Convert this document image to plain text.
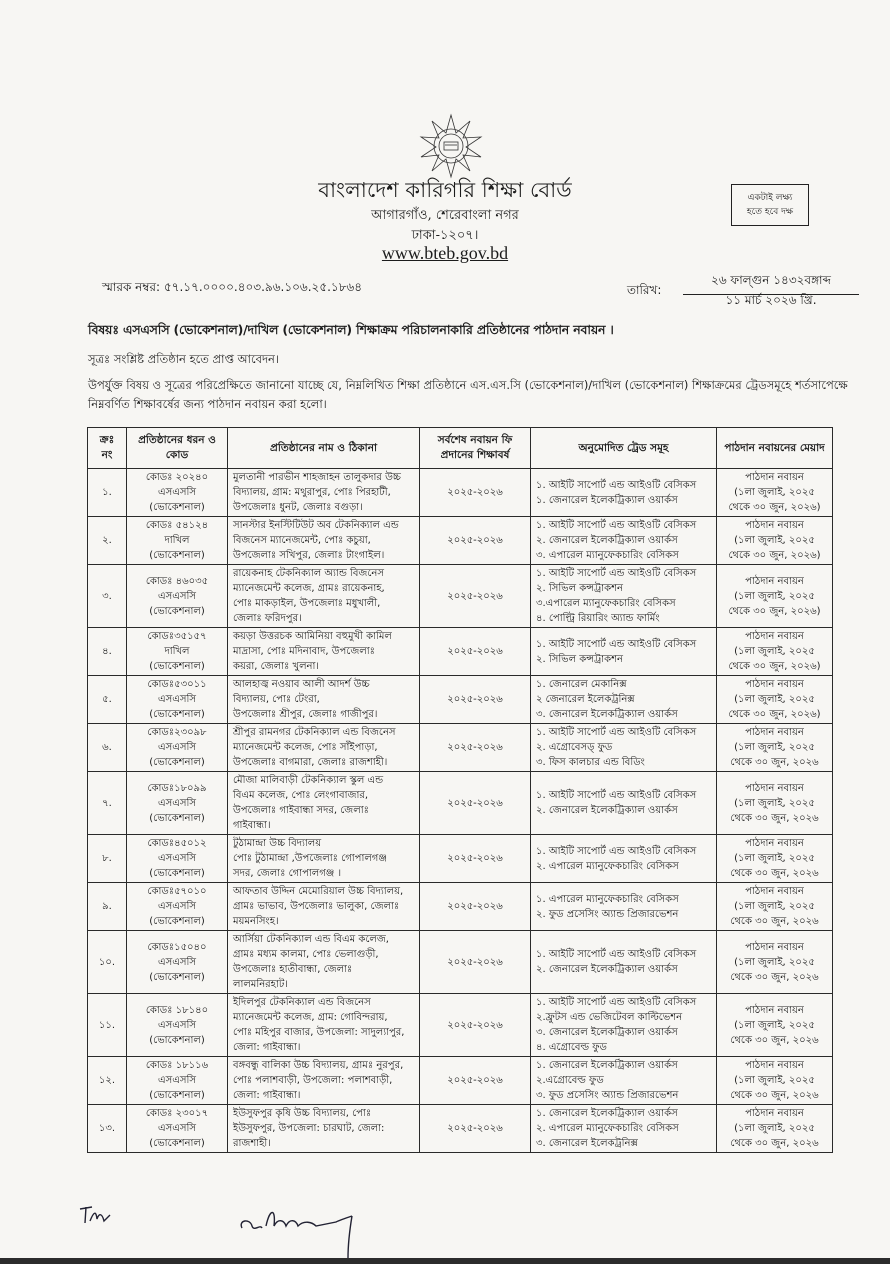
বাংলাদেশ কারিগরি শিক্ষা বোর্ড
আগারগাঁও, শেরেবাংলা নগর
ঢাকা-১২০৭।
www.bteb.gov.bd
একটাই লক্ষ্য
হতে হবে দক্ষ
স্মারক নম্বর: ৫৭.১৭.০০০০.৪০৩.৯৬.১০৬.২৫.১৮৬৪	তারিখ:
২৬ ফাল্গুন ১৪৩২বঙ্গাব্দ
১১ মার্চ ২০২৬ খ্রি.
বিষয়ঃ এসএসসি (ভোকেশনাল)/দাখিল (ভোকেশনাল) শিক্ষাক্রম পরিচালনাকারি প্রতিষ্ঠানের পাঠদান নবায়ন ।
সূত্রঃ সংশ্লিষ্ট প্রতিষ্ঠান হতে প্রাপ্ত আবেদন।
উপর্যুক্ত বিষয় ও সূত্রের পরিপ্রেক্ষিতে জানানো যাচ্ছে যে, নিম্নলিখিত শিক্ষা প্রতিষ্ঠানে এস.এস.সি (ভোকেশনাল)/দাখিল (ভোকেশনাল) শিক্ষাক্রমের ট্রেডসমূহে শর্তসাপেক্ষে নিম্নবর্ণিত শিক্ষাবর্ষের জন্য পাঠদান নবায়ন করা হলো।
ক্রঃ নং	প্রতিষ্ঠানের ধরন ও কোড	প্রতিষ্ঠানের নাম ও ঠিকানা	সর্বশেষ নবায়ন ফি প্রদানের শিক্ষাবর্ষ	অনুমোদিত ট্রেড সমূহ	পাঠদান নবায়নের মেয়াদ
১.	কোডঃ ২০২৪০
এসএসসি
(ভোকেশনাল)	মুলতানী পারভীন শাহজাহন তালুকদার উচ্চ
বিদ্যালয়, গ্রাম: মথুরাপুর, পোঃ পিরহাটী,
উপজেলাঃ ধুনট, জেলাঃ বগুড়া।	২০২৫-২০২৬	১. আইটি সাপোর্ট এন্ড আইওটি বেসিকস
১. জেনারেল ইলেকট্রিক্যাল ওয়ার্কস	পাঠদান নবায়ন
(১লা জুলাই, ২০২৫
থেকে ৩০ জুন, ২০২৬)

২.	কোডঃ ৫৪১২৪
দাখিল
(ভোকেশনাল)	সানস্টার ইনস্টিটিউট অব টেকনিক্যাল এন্ড
বিজনেস ম্যানেজমেন্ট, পোঃ কচুয়া,
উপজেলাঃ সখিপুর, জেলাঃ টাংগাইল।	২০২৫-২০২৬	১. আইটি সাপোর্ট এন্ড আইওটি বেসিকস
২. জেনারেল ইলেকট্রিক্যাল ওয়ার্কস
৩. এপারেল ম্যানুফেকচারিং বেসিকস	পাঠদান নবায়ন
(১লা জুলাই, ২০২৫
থেকে ৩০ জুন, ২০২৬)

৩.	কোডঃ ৪৬০৩৫
এসএসসি
(ভোকেশনাল)	রায়েকনাহ টেকনিক্যাল অ্যান্ড বিজনেস
ম্যানেজমেন্ট কলেজ, গ্রামঃ রায়েকনাহ,
পোঃ মাকড়াইল, উপজেলাঃ মধুখালী,
জেলাঃ ফরিদপুর।	২০২৫-২০২৬	১. আইটি সাপোর্ট এন্ড আইওটি বেসিকস
২. সিভিল কন্সট্রাকশন
৩.এপারেল ম্যানুফেকচারিং বেসিকস
৪. পোল্ট্রি রিয়ারিং অ্যান্ড ফার্মিং	পাঠদান নবায়ন
(১লা জুলাই, ২০২৫
থেকে ৩০ জুন, ২০২৬)

৪.	কোডঃ৩৫১৫৭
দাখিল
(ভোকেশনাল)	কয়ড়া উত্তরচক আমিনিয়া বহুমুখী কামিল
মাদ্রাসা, পোঃ মদিনাবাদ, উপজেলাঃ
কয়রা, জেলাঃ খুলনা।	২০২৫-২০২৬	১. আইটি সাপোর্ট এন্ড আইওটি বেসিকস
২. সিভিল কন্সট্রাকশন	পাঠদান নবায়ন
(১লা জুলাই, ২০২৫
থেকে ৩০ জুন, ২০২৬)

৫.	কোডঃ৫৩০১১
এসএসসি
(ভোকেশনাল)	আলহাজ্ব নওয়াব আলী আদর্শ উচ্চ
বিদ্যালয়, পোঃ টেংরা,
উপজেলাঃ শ্রীপুর, জেলাঃ গাজীপুর।	২০২৫-২০২৬	১. জেনারেল মেকানিক্স
২ জেনারেল ইলেকট্রনিক্স
৩. জেনারেল ইলেকট্রিক্যাল ওয়ার্কস	পাঠদান নবায়ন
(১লা জুলাই, ২০২৫
থেকে ৩০ জুন, ২০২৬)

৬.	কোডঃ২৩০৯৮
এসএসসি
(ভোকেশনাল)	শ্রীপুর রামনগর টেকনিক্যাল এন্ড বিজনেস
ম্যানেজমেন্ট কলেজ, পোঃ সাঁইপাড়া,
উপজেলাঃ বাগমারা, জেলাঃ রাজশাহী।	২০২৫-২০২৬	১. আইটি সাপোর্ট এন্ড আইওটি বেসিকস
২. এগ্রোবেসড্ ফুড
৩. ফিস কালচার এন্ড বিডিং	পাঠদান নবায়ন
(১লা জুলাই, ২০২৫
থেকে ৩০ জুন, ২০২৬

৭.	কোডঃ১৮০৯৯
এসএসসি
(ভোকেশনাল)	মৌজা মালিবাড়ী টেকনিক্যাল স্কুল এন্ড
বিএম কলেজ, পোঃ লেংগাবাজার,
উপজেলাঃ গাইবান্ধা সদর, জেলাঃ
গাইবান্ধা।	২০২৫-২০২৬	১. আইটি সাপোর্ট এন্ড আইওটি বেসিকস
২. জেনারেল ইলেকট্রিক্যাল ওয়ার্কস	পাঠদান নবায়ন
(১লা জুলাই, ২০২৫
থেকে ৩০ জুন, ২০২৬

৮.	কোডঃ৪৫০১২
এসএসসি
(ভোকেশনাল)	টুঠামান্দ্রা উচ্চ বিদ্যালয়
পোঃ টুঠামান্দ্রা ,উপজেলাঃ গোপালগঞ্জ
সদর, জেলাঃ গোপালগঞ্জ ।	২০২৫-২০২৬	১. আইটি সাপোর্ট এন্ড আইওটি বেসিকস
২. এপারেল ম্যানুফেকচারিং বেসিকস	পাঠদান নবায়ন
(১লা জুলাই, ২০২৫
থেকে ৩০ জুন, ২০২৬

৯.	কোডঃ৫৭০১০
এসএসসি
(ভোকেশনাল)	আফতাব উদ্দিন মেমোরিয়াল উচ্চ বিদ্যালয়,
গ্রামঃ ভাভাব, উপজেলাঃ ভালুকা, জেলাঃ
ময়মনসিংহ।	২০২৫-২০২৬	১. এপারেল ম্যানুফেকচারিং বেসিকস
২. ফুড প্রসেসিং অ্যান্ড প্রিজারভেশন	পাঠদান নবায়ন
(১লা জুলাই, ২০২৫
থেকে ৩০ জুন, ২০২৬

১০.	কোডঃ১৫০৪০
এসএসসি
(ভোকেশনাল)	আর্সিয়া টেকনিক্যাল এন্ড বিএম কলেজ,
গ্রামঃ মধ্যম কালমা, পোঃ ভেলাগুড়ী,
উপজেলাঃ হাতীবান্ধা, জেলাঃ
লালমনিরহাট।	২০২৫-২০২৬	১. আইটি সাপোর্ট এন্ড আইওটি বেসিকস
২. জেনারেল ইলেকট্রিক্যাল ওয়ার্কস	পাঠদান নবায়ন
(১লা জুলাই, ২০২৫
থেকে ৩০ জুন, ২০২৬

১১.	কোডঃ ১৮১৪০
এসএসসি
(ভোকেশনাল)	ইদিলপুর টেকনিক্যাল এন্ড বিজনেস
ম্যানেজমেন্ট কলেজ, গ্রাম: গোবিন্দরায়,
পোঃ মহিপুর বাজার, উপজেলা: সাদুল্যাপুর,
জেলা: গাইবান্ধা।	২০২৫-২০২৬	১. আইটি সাপোর্ট এন্ড আইওটি বেসিকস
২.ফ্রুটস এন্ড ভেজিটেবল কাল্টিভেশন
৩. জেনারেল ইলেকট্রিক্যাল ওয়ার্কস
৪. এগ্রোবেল্ড ফুড	পাঠদান নবায়ন
(১লা জুলাই, ২০২৫
থেকে ৩০ জুন, ২০২৬

১২.	কোডঃ ১৮১১৬
এসএসসি
(ভোকেশনাল)	বঙ্গবন্ধু বালিকা উচ্চ বিদ্যালয়, গ্রামঃ নুরপুর,
পোঃ পলাশবাড়ী, উপজেলা: পলাশবাড়ী,
জেলা: গাইবান্ধা।	২০২৫-২০২৬	১. জেনারেল ইলেকট্রিক্যাল ওয়ার্কস
২.এগ্রোবেল্ড ফুড
৩. ফুড প্রসেসিং অ্যান্ড প্রিজারভেশন	পাঠদান নবায়ন
(১লা জুলাই, ২০২৫
থেকে ৩০ জুন, ২০২৬

১৩.	কোডঃ ২৩০১৭
এসএসসি
(ভোকেশনাল)	ইউসুফপুর কৃষি উচ্চ বিদ্যালয়, পোঃ
ইউসুফপুর, উপজেলা: চারঘাট, জেলা:
রাজশাহী।	২০২৫-২০২৬	১. জেনারেল ইলেকট্রিক্যাল ওয়ার্কস
২. এপারেল ম্যানুফেকচারিং বেসিকস
৩. জেনারেল ইলেকট্রনিক্স	পাঠদান নবায়ন
(১লা জুলাই, ২০২৫
থেকে ৩০ জুন, ২০২৬
